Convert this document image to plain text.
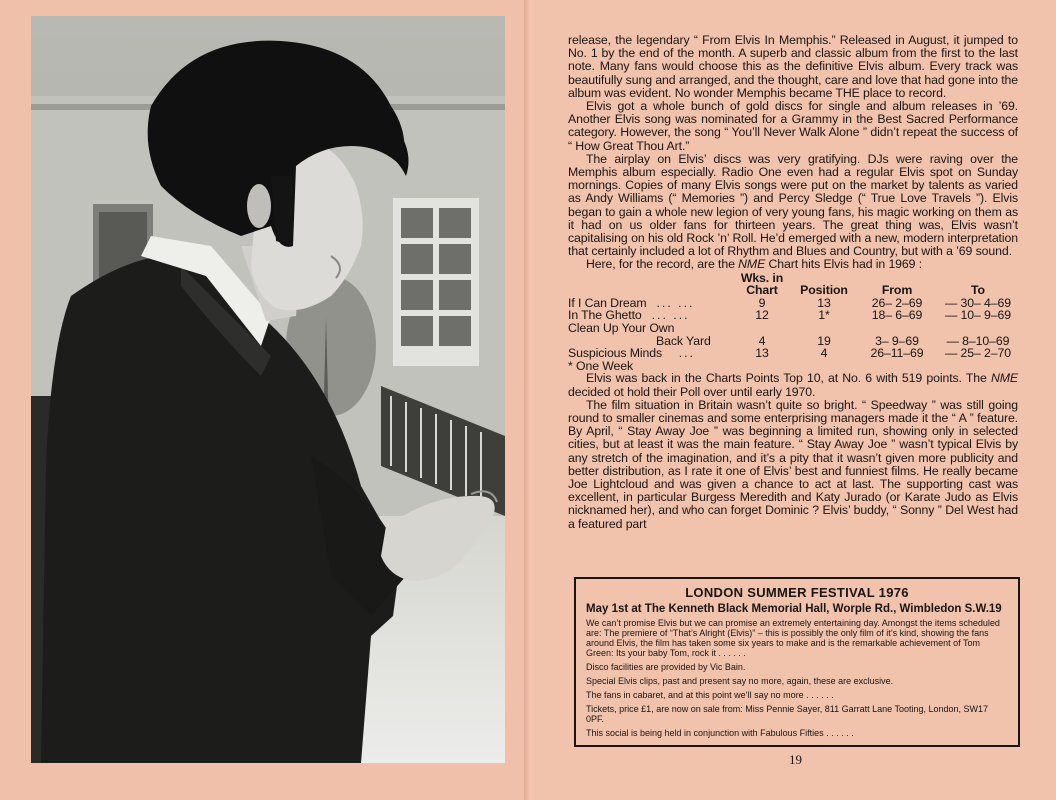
release, the legendary “ From Elvis In Memphis.” Released in August, it jumped to No. 1 by the end of the month. A superb and classic album from the first to the last note. Many fans would choose this as the definitive Elvis album. Every track was beautifully sung and arranged, and the thought, care and love that had gone into the album was evident. No wonder Memphis became THE place to record.

Elvis got a whole bunch of gold discs for single and album releases in ’69. Another Elvis song was nominated for a Grammy in the Best Sacred Performance category. However, the song “ You’ll Never Walk Alone ” didn’t repeat the success of “ How Great Thou Art.”

The airplay on Elvis’ discs was very gratifying. DJs were raving over the Memphis album especially. Radio One even had a regular Elvis spot on Sunday mornings. Copies of many Elvis songs were put on the market by talents as varied as Andy Williams (“ Memories ”) and Percy Sledge (“ True Love Travels ”). Elvis began to gain a whole new legion of very young fans, his magic working on them as it had on us older fans for thirteen years. The great thing was, Elvis wasn’t capitalising on his old Rock ’n’ Roll. He’d emerged with a new, modern interpretation that certainly included a lot of Rhythm and Blues and Country, but with a ’69 sound.

Here, for the record, are the NME Chart hits Elvis had in 1969 :

	Wks. in
Chart	Position	From	To
If I Can Dream ... ...	9	13	26– 2–69	— 30– 4–69
In The Ghetto ... ...	12	1*	18– 6–69	— 10– 9–69
Clean Up Your Own				
Back Yard	4	19	3– 9–69	— 8–10–69
Suspicious Minds ...	13	4	26–11–69	— 25– 2–70
* One Week				

Elvis was back in the Charts Points Top 10, at No. 6 with 519 points. The NME decided ot hold their Poll over until early 1970.

The film situation in Britain wasn’t quite so bright. “ Speedway ” was still going round to smaller cinemas and some enterprising managers made it the “ A ” feature. By April, “ Stay Away Joe ” was beginning a limited run, showing only in selected cities, but at least it was the main feature. “ Stay Away Joe ” wasn’t typical Elvis by any stretch of the imagination, and it’s a pity that it wasn’t given more publicity and better distribution, as I rate it one of Elvis’ best and funniest films. He really became Joe Lightcloud and was given a chance to act at last. The supporting cast was excellent, in particular Burgess Meredith and Katy Jurado (or Karate Judo as Elvis nicknamed her), and who can forget Dominic ? Elvis’ buddy, “ Sonny ” Del West had a featured part

LONDON SUMMER FESTIVAL 1976
May 1st at The Kenneth Black Memorial Hall, Worple Rd., Wimbledon S.W.19

We can’t promise Elvis but we can promise an extremely entertaining day. Amongst the items scheduled are: The premiere of “That’s Alright (Elvis)” – this is possibly the only film of it’s kind, showing the fans around Elvis, the film has taken some six years to make and is the remarkable achievement of Tom Green: Its your baby Tom, rock it . . . . . .

Disco facilities are provided by Vic Bain.

Special Elvis clips, past and present say no more, again, these are exclusive.

The fans in cabaret, and at this point we’ll say no more . . . . . .

Tickets, price £1, are now on sale from: Miss Pennie Sayer, 811 Garratt Lane Tooting, London, SW17 0PF.

This social is being held in conjunction with Fabulous Fifties . . . . . .

19
